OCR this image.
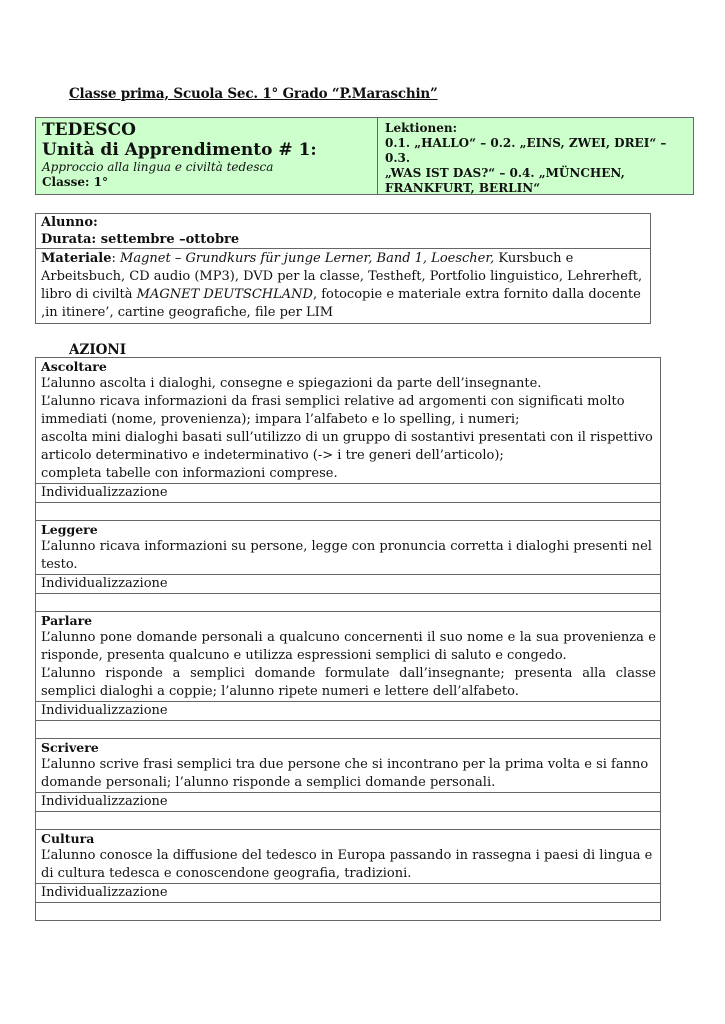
Classe prima, Scuola Sec. 1° Grado “P.Maraschin”
TEDESCO
Unità di Apprendimento # 1:
Approccio alla lingua e civiltà tedesca
Classe: 1°
Lektionen:
0.1. „HALLO“ – 0.2. „EINS, ZWEI, DREI“ – 0.3.
„WAS IST DAS?“ – 0.4. „MÜNCHEN,
FRANKFURT, BERLIN“
Alunno:
Durata: settembre –ottobre
Materiale: Magnet – Grundkurs für junge Lerner, Band 1, Loescher, Kursbuch e Arbeitsbuch, CD audio (MP3), DVD per la classe, Testheft, Portfolio linguistico, Lehrerheft, libro di civiltà MAGNET DEUTSCHLAND, fotocopie e materiale extra fornito dalla docente ‚in itinere’, cartine geografiche, file per LIM
AZIONI
Ascoltare
L’alunno ascolta i dialoghi, consegne e spiegazioni da parte dell’insegnante.
L’alunno ricava informazioni da frasi semplici relative ad argomenti con significati molto immediati (nome, provenienza); impara l’alfabeto e lo spelling, i numeri;
ascolta mini dialoghi basati sull’utilizzo di un gruppo di sostantivi presentati con il rispettivo articolo determinativo e indeterminativo (-> i tre generi dell’articolo);
completa tabelle con informazioni comprese.
Individualizzazione
Leggere
L’alunno ricava informazioni su persone, legge con pronuncia corretta i dialoghi presenti nel testo.
Individualizzazione
Parlare
L’alunno pone domande personali a qualcuno concernenti il suo nome e la sua provenienza e risponde, presenta qualcuno e utilizza espressioni semplici di saluto e congedo.
L’alunno risponde a semplici domande formulate dall’insegnante; presenta alla classe semplici dialoghi a coppie; l’alunno ripete numeri e lettere dell’alfabeto.
Individualizzazione
Scrivere
L’alunno scrive frasi semplici tra due persone che si incontrano per la prima volta e si fanno domande personali; l’alunno risponde a semplici domande personali.
Individualizzazione
Cultura
L’alunno conosce la diffusione del tedesco in Europa passando in rassegna i paesi di lingua e di cultura tedesca e conoscendone geografia, tradizioni.
Individualizzazione
